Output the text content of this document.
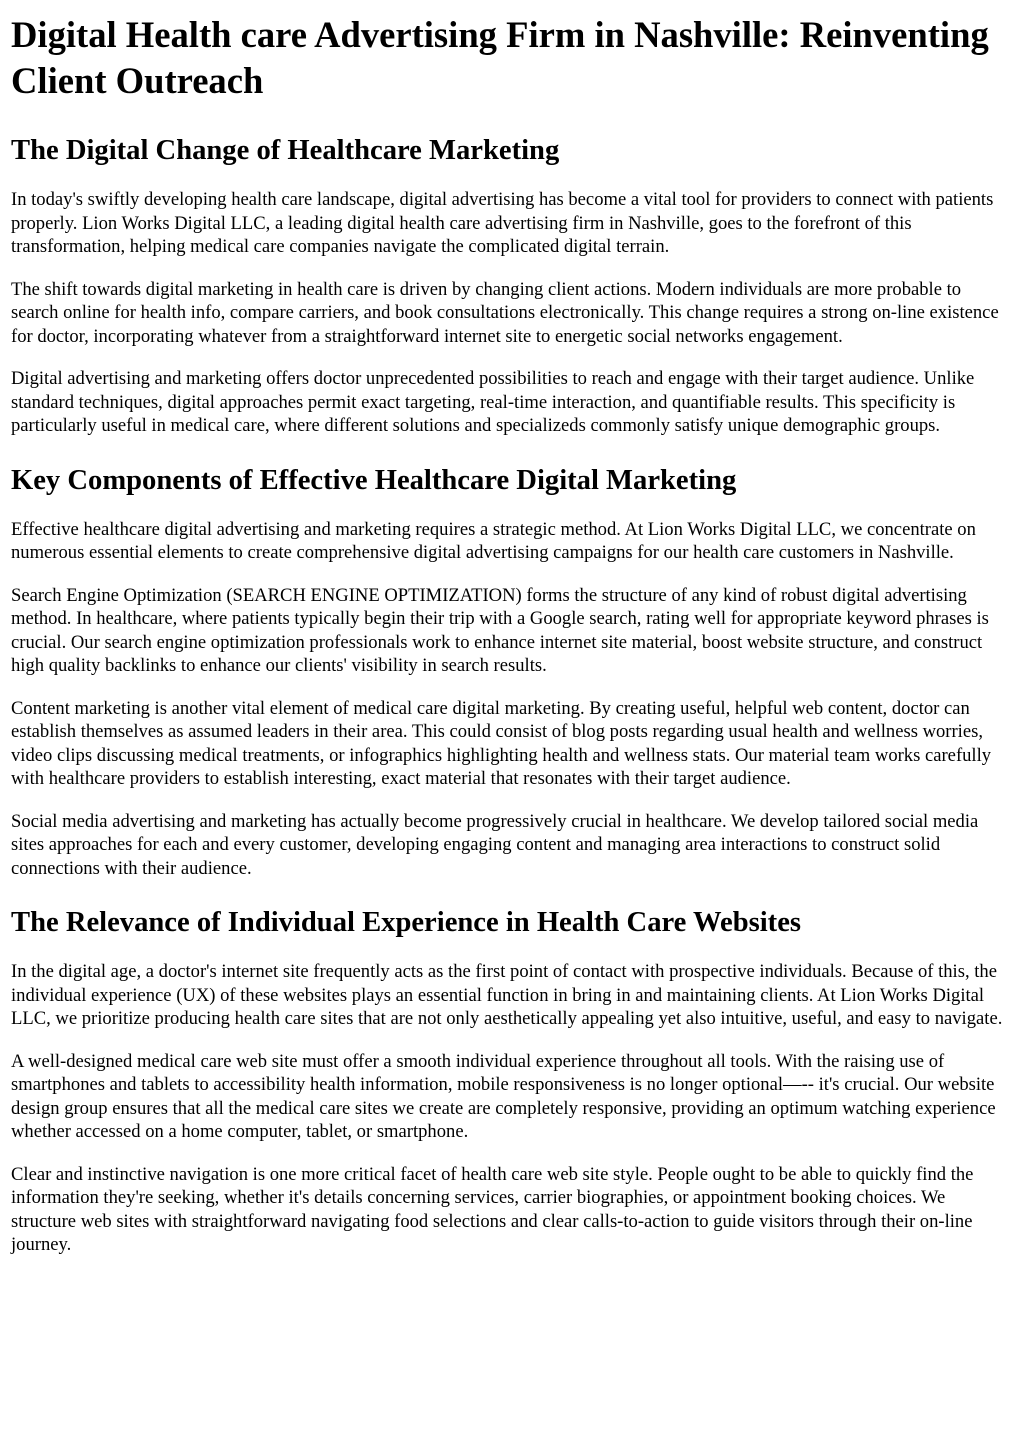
Digital Health care Advertising Firm in Nashville: Reinventing Client Outreach
The Digital Change of Healthcare Marketing

In today's swiftly developing health care landscape, digital advertising has become a vital tool for providers to connect with patients properly. Lion Works Digital LLC, a leading digital health care advertising firm in Nashville, goes to the forefront of this transformation, helping medical care companies navigate the complicated digital terrain.

The shift towards digital marketing in health care is driven by changing client actions. Modern individuals are more probable to search online for health info, compare carriers, and book consultations electronically. This change requires a strong on-line existence for doctor, incorporating whatever from a straightforward internet site to energetic social networks engagement.

Digital advertising and marketing offers doctor unprecedented possibilities to reach and engage with their target audience. Unlike standard techniques, digital approaches permit exact targeting, real-time interaction, and quantifiable results. This specificity is particularly useful in medical care, where different solutions and specializeds commonly satisfy unique demographic groups.

Key Components of Effective Healthcare Digital Marketing

Effective healthcare digital advertising and marketing requires a strategic method. At Lion Works Digital LLC, we concentrate on numerous essential elements to create comprehensive digital advertising campaigns for our health care customers in Nashville.

Search Engine Optimization (SEARCH ENGINE OPTIMIZATION) forms the structure of any kind of robust digital advertising method. In healthcare, where patients typically begin their trip with a Google search, rating well for appropriate keyword phrases is crucial. Our search engine optimization professionals work to enhance internet site material, boost website structure, and construct high quality backlinks to enhance our clients' visibility in search results.

Content marketing is another vital element of medical care digital marketing. By creating useful, helpful web content, doctor can establish themselves as assumed leaders in their area. This could consist of blog posts regarding usual health and wellness worries, video clips discussing medical treatments, or infographics highlighting health and wellness stats. Our material team works carefully with healthcare providers to establish interesting, exact material that resonates with their target audience.

Social media advertising and marketing has actually become progressively crucial in healthcare. We develop tailored social media sites approaches for each and every customer, developing engaging content and managing area interactions to construct solid connections with their audience.

The Relevance of Individual Experience in Health Care Websites

In the digital age, a doctor's internet site frequently acts as the first point of contact with prospective individuals. Because of this, the individual experience (UX) of these websites plays an essential function in bring in and maintaining clients. At Lion Works Digital LLC, we prioritize producing health care sites that are not only aesthetically appealing yet also intuitive, useful, and easy to navigate.

A well-designed medical care web site must offer a smooth individual experience throughout all tools. With the raising use of smartphones and tablets to accessibility health information, mobile responsiveness is no longer optional—-- it's crucial. Our website design group ensures that all the medical care sites we create are completely responsive, providing an optimum watching experience whether accessed on a home computer, tablet, or smartphone.

Clear and instinctive navigation is one more critical facet of health care web site style. People ought to be able to quickly find the information they're seeking, whether it's details concerning services, carrier biographies, or appointment booking choices. We structure web sites with straightforward navigating food selections and clear calls-to-action to guide visitors through their on-line journey.
